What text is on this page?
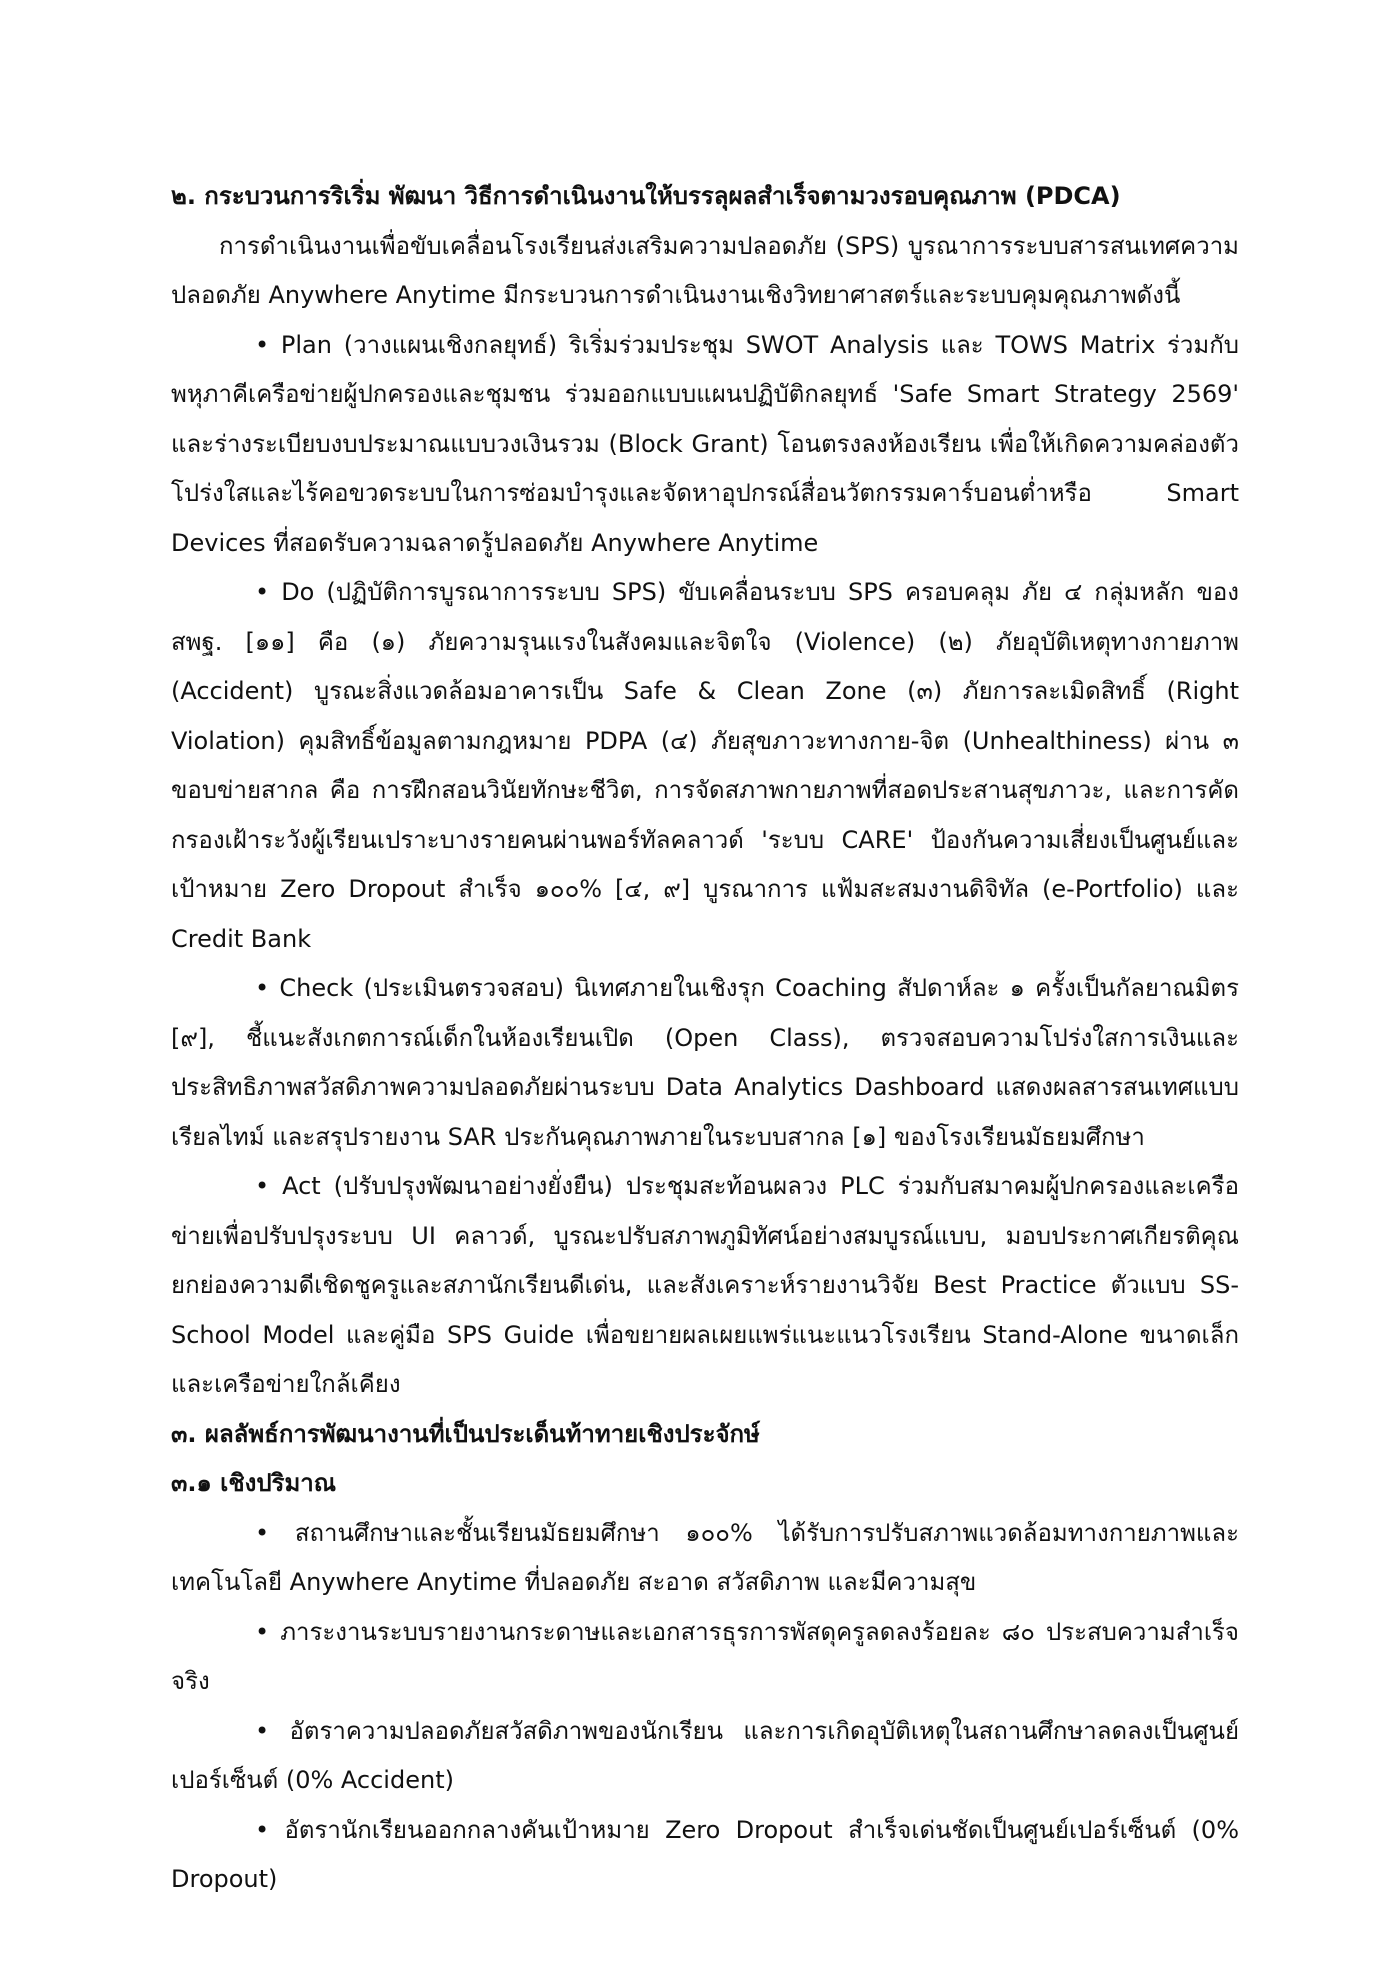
๒. กระบวนการริเริ่ม พัฒนา วิธีการดำเนินงานให้บรรลุผลสำเร็จตามวงรอบคุณภาพ (PDCA)

การดำเนินงานเพื่อขับเคลื่อนโรงเรียนส่งเสริมความปลอดภัย (SPS) บูรณาการระบบสารสนเทศความปลอดภัย Anywhere Anytime มีกระบวนการดำเนินงานเชิงวิทยาศาสตร์และระบบคุมคุณภาพดังนี้

• Plan (วางแผนเชิงกลยุทธ์) ริเริ่มร่วมประชุม SWOT Analysis และ TOWS Matrix ร่วมกับพหุภาคีเครือข่ายผู้ปกครองและชุมชน ร่วมออกแบบแผนปฏิบัติกลยุทธ์ 'Safe Smart Strategy 2569' และร่างระเบียบงบประมาณแบบวงเงินรวม (Block Grant) โอนตรงลงห้องเรียน เพื่อให้เกิดความคล่องตัว โปร่งใสและไร้คอขวดระบบในการซ่อมบำรุงและจัดหาอุปกรณ์สื่อนวัตกรรมคาร์บอนต่ำหรือ Smart Devices ที่สอดรับความฉลาดรู้ปลอดภัย Anywhere Anytime

• Do (ปฏิบัติการบูรณาการระบบ SPS) ขับเคลื่อนระบบ SPS ครอบคลุม ภัย ๔ กลุ่มหลัก ของ สพฐ. [๑๑] คือ (๑) ภัยความรุนแรงในสังคมและจิตใจ (Violence) (๒) ภัยอุบัติเหตุทางกายภาพ (Accident) บูรณะสิ่งแวดล้อมอาคารเป็น Safe & Clean Zone (๓) ภัยการละเมิดสิทธิ์ (Right Violation) คุมสิทธิ์ข้อมูลตามกฎหมาย PDPA (๔) ภัยสุขภาวะทางกาย-จิต (Unhealthiness) ผ่าน ๓ ขอบข่ายสากล คือ การฝึกสอนวินัยทักษะชีวิต, การจัดสภาพกายภาพที่สอดประสานสุขภาวะ, และการคัดกรองเฝ้าระวังผู้เรียนเปราะบางรายคนผ่านพอร์ทัลคลาวด์ 'ระบบ CARE' ป้องกันความเสี่ยงเป็นศูนย์และเป้าหมาย Zero Dropout สำเร็จ ๑๐๐% [๔, ๙] บูรณาการ แฟ้มสะสมงานดิจิทัล (e-Portfolio) และ Credit Bank

• Check (ประเมินตรวจสอบ) นิเทศภายในเชิงรุก Coaching สัปดาห์ละ ๑ ครั้งเป็นกัลยาณมิตร [๙], ชี้แนะสังเกตการณ์เด็กในห้องเรียนเปิด (Open Class), ตรวจสอบความโปร่งใสการเงินและประสิทธิภาพสวัสดิภาพความปลอดภัยผ่านระบบ Data Analytics Dashboard แสดงผลสารสนเทศแบบเรียลไทม์ และสรุปรายงาน SAR ประกันคุณภาพภายในระบบสากล [๑] ของโรงเรียนมัธยมศึกษา

• Act (ปรับปรุงพัฒนาอย่างยั่งยืน) ประชุมสะท้อนผลวง PLC ร่วมกับสมาคมผู้ปกครองและเครือข่ายเพื่อปรับปรุงระบบ UI คลาวด์, บูรณะปรับสภาพภูมิทัศน์อย่างสมบูรณ์แบบ, มอบประกาศเกียรติคุณยกย่องความดีเชิดชูครูและสภานักเรียนดีเด่น, และสังเคราะห์รายงานวิจัย Best Practice ตัวแบบ SS-School Model และคู่มือ SPS Guide เพื่อขยายผลเผยแพร่แนะแนวโรงเรียน Stand-Alone ขนาดเล็ก และเครือข่ายใกล้เคียง

๓. ผลลัพธ์การพัฒนางานที่เป็นประเด็นท้าทายเชิงประจักษ์

๓.๑ เชิงปริมาณ

• สถานศึกษาและชั้นเรียนมัธยมศึกษา ๑๐๐% ได้รับการปรับสภาพแวดล้อมทางกายภาพและเทคโนโลยี Anywhere Anytime ที่ปลอดภัย สะอาด สวัสดิภาพ และมีความสุข

• ภาระงานระบบรายงานกระดาษและเอกสารธุรการพัสดุครูลดลงร้อยละ ๘๐ ประสบความสำเร็จจริง

• อัตราความปลอดภัยสวัสดิภาพของนักเรียน และการเกิดอุบัติเหตุในสถานศึกษาลดลงเป็นศูนย์เปอร์เซ็นต์ (0% Accident)

• อัตรานักเรียนออกกลางคันเป้าหมาย Zero Dropout สำเร็จเด่นชัดเป็นศูนย์เปอร์เซ็นต์ (0% Dropout)
